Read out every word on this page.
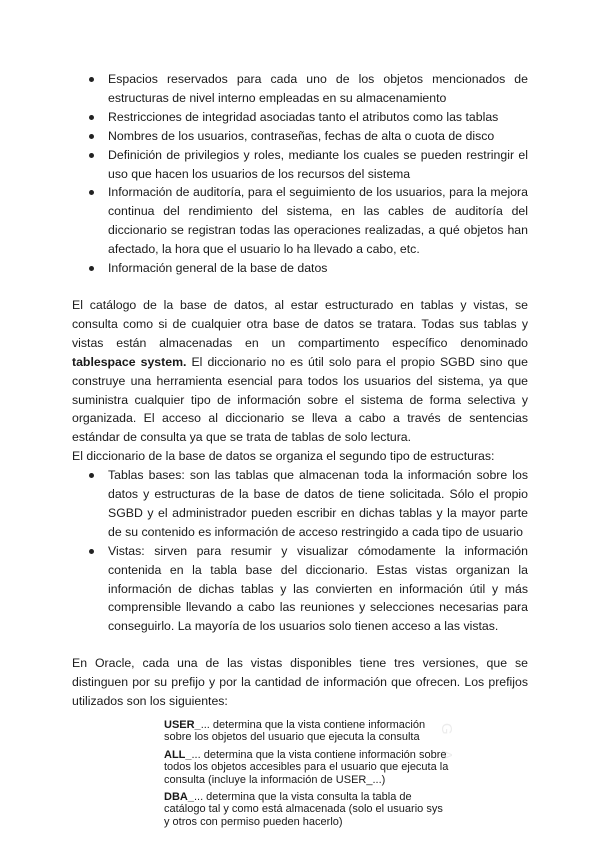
G A
Espacios reservados para cada uno de los objetos mencionados de estructuras de nivel interno empleadas en su almacenamiento
Restricciones de integridad asociadas tanto el atributos como las tablas
Nombres de los usuarios, contraseñas, fechas de alta o cuota de disco
Definición de privilegios y roles, mediante los cuales se pueden restringir el uso que hacen los usuarios de los recursos del sistema
Información de auditoría, para el seguimiento de los usuarios, para la mejora continua del rendimiento del sistema, en las cables de auditoría del diccionario se registran todas las operaciones realizadas, a qué objetos han afectado, la hora que el usuario lo ha llevado a cabo, etc.
Información general de la base de datos

El catálogo de la base de datos, al estar estructurado en tablas y vistas, se consulta como si de cualquier otra base de datos se tratara. Todas sus tablas y vistas están almacenadas en un compartimento específico denominado tablespace system. El diccionario no es útil solo para el propio SGBD sino que construye una herramienta esencial para todos los usuarios del sistema, ya que suministra cualquier tipo de información sobre el sistema de forma selectiva y organizada. El acceso al diccionario se lleva a cabo a través de sentencias estándar de consulta ya que se trata de tablas de solo lectura.

El diccionario de la base de datos se organiza el segundo tipo de estructuras:

Tablas bases: son las tablas que almacenan toda la información sobre los datos y estructuras de la base de datos de tiene solicitada. Sólo el propio SGBD y el administrador pueden escribir en dichas tablas y la mayor parte de su contenido es información de acceso restringido a cada tipo de usuario
Vistas: sirven para resumir y visualizar cómodamente la información contenida en la tabla base del diccionario. Estas vistas organizan la información de dichas tablas y las convierten en información útil y más comprensible llevando a cabo las reuniones y selecciones necesarias para conseguirlo. La mayoría de los usuarios solo tienen acceso a las vistas.

En Oracle, cada una de las vistas disponibles tiene tres versiones, que se distinguen por su prefijo y por la cantidad de información que ofrecen. Los prefijos utilizados son los siguientes:

USER_... determina que la vista contiene información sobre los objetos del usuario que ejecuta la consulta
ALL_... determina que la vista contiene información sobre todos los objetos accesibles para el usuario que ejecuta la consulta (incluye la información de USER_...)
DBA_... determina que la vista consulta la tabla de catálogo tal y como está almacenada (solo el usuario sys y otros con permiso pueden hacerlo)
